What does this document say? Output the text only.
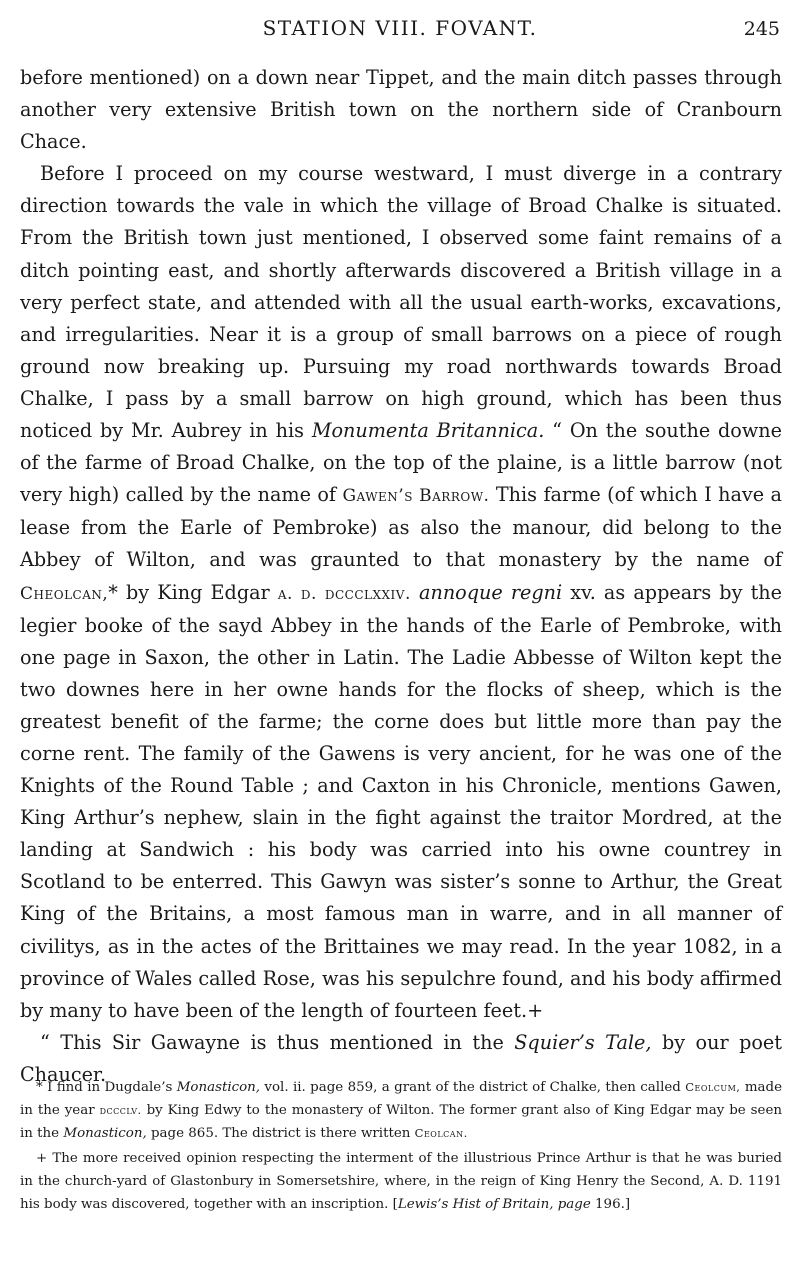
STATION VIII. FOVANT.	245

before mentioned) on a down near Tippet, and the main ditch passes through another very extensive British town on the northern side of Cranbourn Chace.

Before I proceed on my course westward, I must diverge in a contrary direction towards the vale in which the village of Broad Chalke is situated. From the British town just mentioned, I observed some faint remains of a ditch pointing east, and shortly afterwards discovered a British village in a very perfect state, and attended with all the usual earth-works, excavations, and irregularities. Near it is a group of small barrows on a piece of rough ground now breaking up. Pursuing my road northwards towards Broad Chalke, I pass by a small barrow on high ground, which has been thus noticed by Mr. Aubrey in his Monumenta Britannica. “ On the southe downe of the farme of Broad Chalke, on the top of the plaine, is a little barrow (not very high) called by the name of Gawen’s Barrow. This farme (of which I have a lease from the Earle of Pembroke) as also the manour, did belong to the Abbey of Wilton, and was graunted to that monastery by the name of Cheolcan,* by King Edgar a. d. dccclxxiv. annoque regni xv. as appears by the legier booke of the sayd Abbey in the hands of the Earle of Pembroke, with one page in Saxon, the other in Latin. The Ladie Abbesse of Wilton kept the two downes here in her owne hands for the flocks of sheep, which is the greatest benefit of the farme; the corne does but little more than pay the corne rent. The family of the Gawens is very ancient, for he was one of the Knights of the Round Table ; and Caxton in his Chronicle, mentions Gawen, King Arthur’s nephew, slain in the fight against the traitor Mordred, at the landing at Sandwich : his body was carried into his owne countrey in Scotland to be enterred. This Gawyn was sister’s sonne to Arthur, the Great King of the Britains, a most famous man in warre, and in all manner of civilitys, as in the actes of the Brittaines we may read. In the year 1082, in a province of Wales called Rose, was his sepulchre found, and his body affirmed by many to have been of the length of fourteen feet.+

“ This Sir Gawayne is thus mentioned in the Squier’s Tale, by our poet Chaucer.

* I find in Dugdale’s Monasticon, vol. ii. page 859, a grant of the district of Chalke, then called Ceolcum, made in the year dccclv. by King Edwy to the monastery of Wilton. The former grant also of King Edgar may be seen in the Monasticon, page 865. The district is there written Ceolcan.

+ The more received opinion respecting the interment of the illustrious Prince Arthur is that he was buried in the church-yard of Glastonbury in Somersetshire, where, in the reign of King Henry the Second, A. D. 1191 his body was discovered, together with an inscription. [Lewis’s Hist of Britain, page 196.]
